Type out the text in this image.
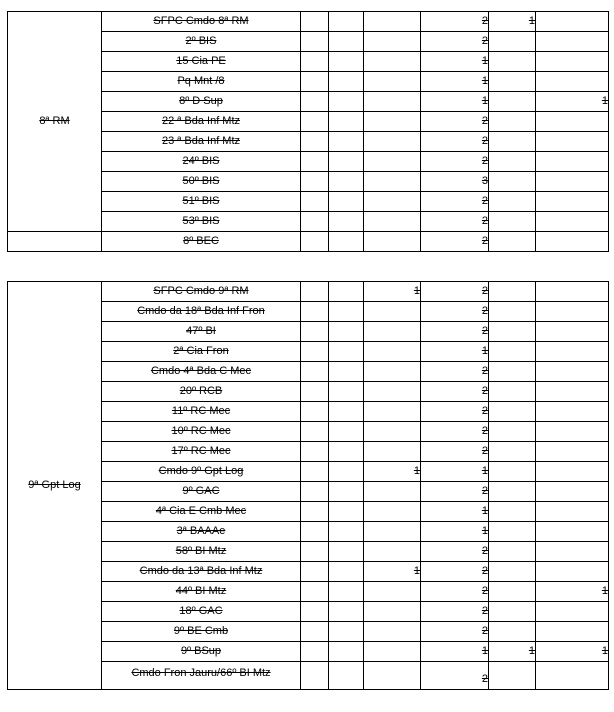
8ª RM	SFPC Cmdo 8ª RM				2	1	
	2º BIS				2		
	15 Cia PE				1		
	Pq Mnt /8				1		
	8º D Sup				1		1
	22 ª Bda Inf Mtz				2		
	23 ª Bda Inf Mtz				2		
	24º BIS				2		
	50º BIS				3		
	51º BIS				2		
	53º BIS				2		
	8º BEC				2		
9ª Gpt Log	SFPC Cmdo 9ª RM			1	2		
	Cmdo da 18ª Bda Inf Fron				2		
	47º BI				2		
	2ª Cia Fron				1		
	Cmdo 4ª Bda C Mec				2		
	20º RCB				2		
	11º RC Mec				2		
	10º RC Mec				2		
	17º RC Mec				2		
	Cmdo 9º Gpt Log			1	1		
	9º GAC				2		
	4ª Cia E Cmb Mec				1		
	3ª BAAAe				1		
	58º BI Mtz				2		
	Cmdo da 13ª Bda Inf Mtz			1	2		
	44º BI Mtz				2		1
	18º GAC				2		
	9º BE Cmb				2		
	9º BSup				1	1	1
	Cmdo Fron Jauru/66º BI Mtz				2		
